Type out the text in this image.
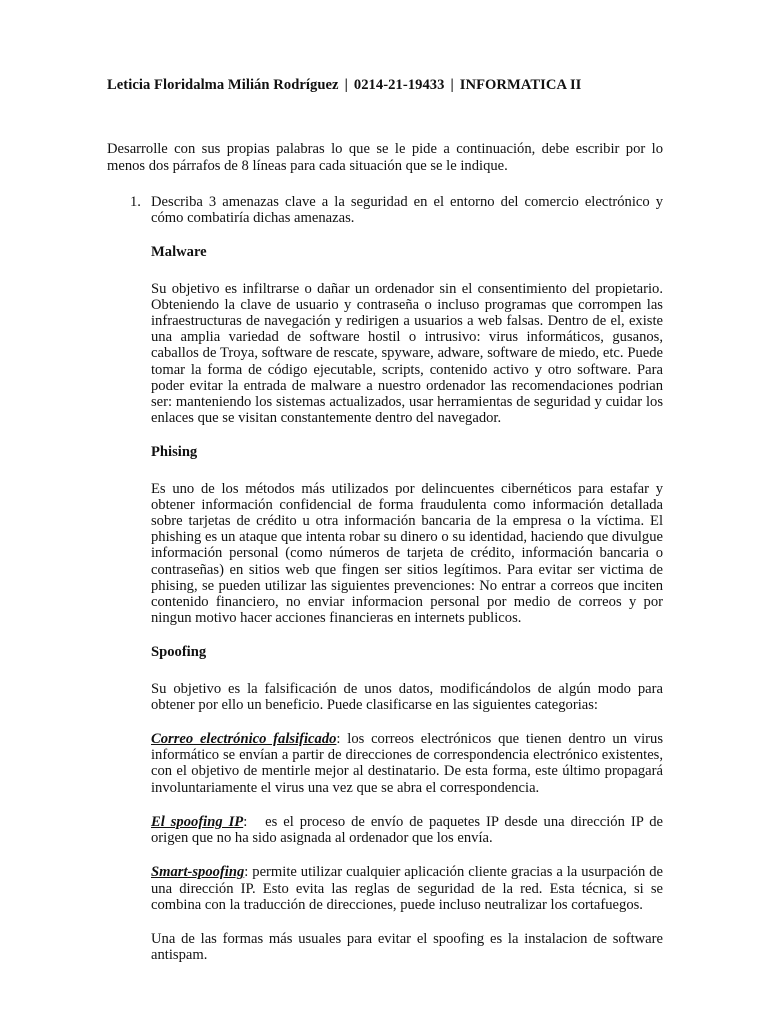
Leticia Floridalma Milián Rodríguez | 0214-21-19433 | INFORMATICA II

Desarrolle con sus propias palabras lo que se le pide a continuación, debe escribir por lo menos dos párrafos de 8 líneas para cada situación que se le indique.

1. Describa 3 amenazas clave a la seguridad en el entorno del comercio electrónico y cómo combatiría dichas amenazas.

Malware

Su objetivo es infiltrarse o dañar un ordenador sin el consentimiento del propietario. Obteniendo la clave de usuario y contraseña o incluso programas que corrompen las infraestructuras de navegación y redirigen a usuarios a web falsas. Dentro de el, existe una amplia variedad de software hostil o intrusivo: virus informáticos, gusanos, caballos de Troya, software de rescate, spyware, adware, software de miedo, etc. Puede tomar la forma de código ejecutable, scripts, contenido activo y otro software. Para poder evitar la entrada de malware a nuestro ordenador las recomendaciones podrian ser: manteniendo los sistemas actualizados, usar herramientas de seguridad y cuidar los enlaces que se visitan constantemente dentro del navegador.

Phising

Es uno de los métodos más utilizados por delincuentes cibernéticos para estafar y obtener información confidencial de forma fraudulenta como información detallada sobre tarjetas de crédito u otra información bancaria de la empresa o la víctima. El phishing es un ataque que intenta robar su dinero o su identidad, haciendo que divulgue información personal (como números de tarjeta de crédito, información bancaria o contraseñas) en sitios web que fingen ser sitios legítimos. Para evitar ser victima de phising, se pueden utilizar las siguientes prevenciones: No entrar a correos que inciten contenido financiero, no enviar informacion personal por medio de correos y por ningun motivo hacer acciones financieras en internets publicos.

Spoofing

Su objetivo es la falsificación de unos datos, modificándolos de algún modo para obtener por ello un beneficio. Puede clasificarse en las siguientes categorias:

Correo electrónico falsificado: los correos electrónicos que tienen dentro un virus informático se envían a partir de direcciones de correspondencia electrónico existentes, con el objetivo de mentirle mejor al destinatario. De esta forma, este último propagará involuntariamente el virus una vez que se abra el correspondencia.

El spoofing IP:   es el proceso de envío de paquetes IP desde una dirección IP de origen que no ha sido asignada al ordenador que los envía.

Smart-spoofing: permite utilizar cualquier aplicación cliente gracias a la usurpación de una dirección IP. Esto evita las reglas de seguridad de la red. Esta técnica, si se combina con la traducción de direcciones, puede incluso neutralizar los cortafuegos.

Una de las formas más usuales para evitar el spoofing es la instalacion de software antispam.
